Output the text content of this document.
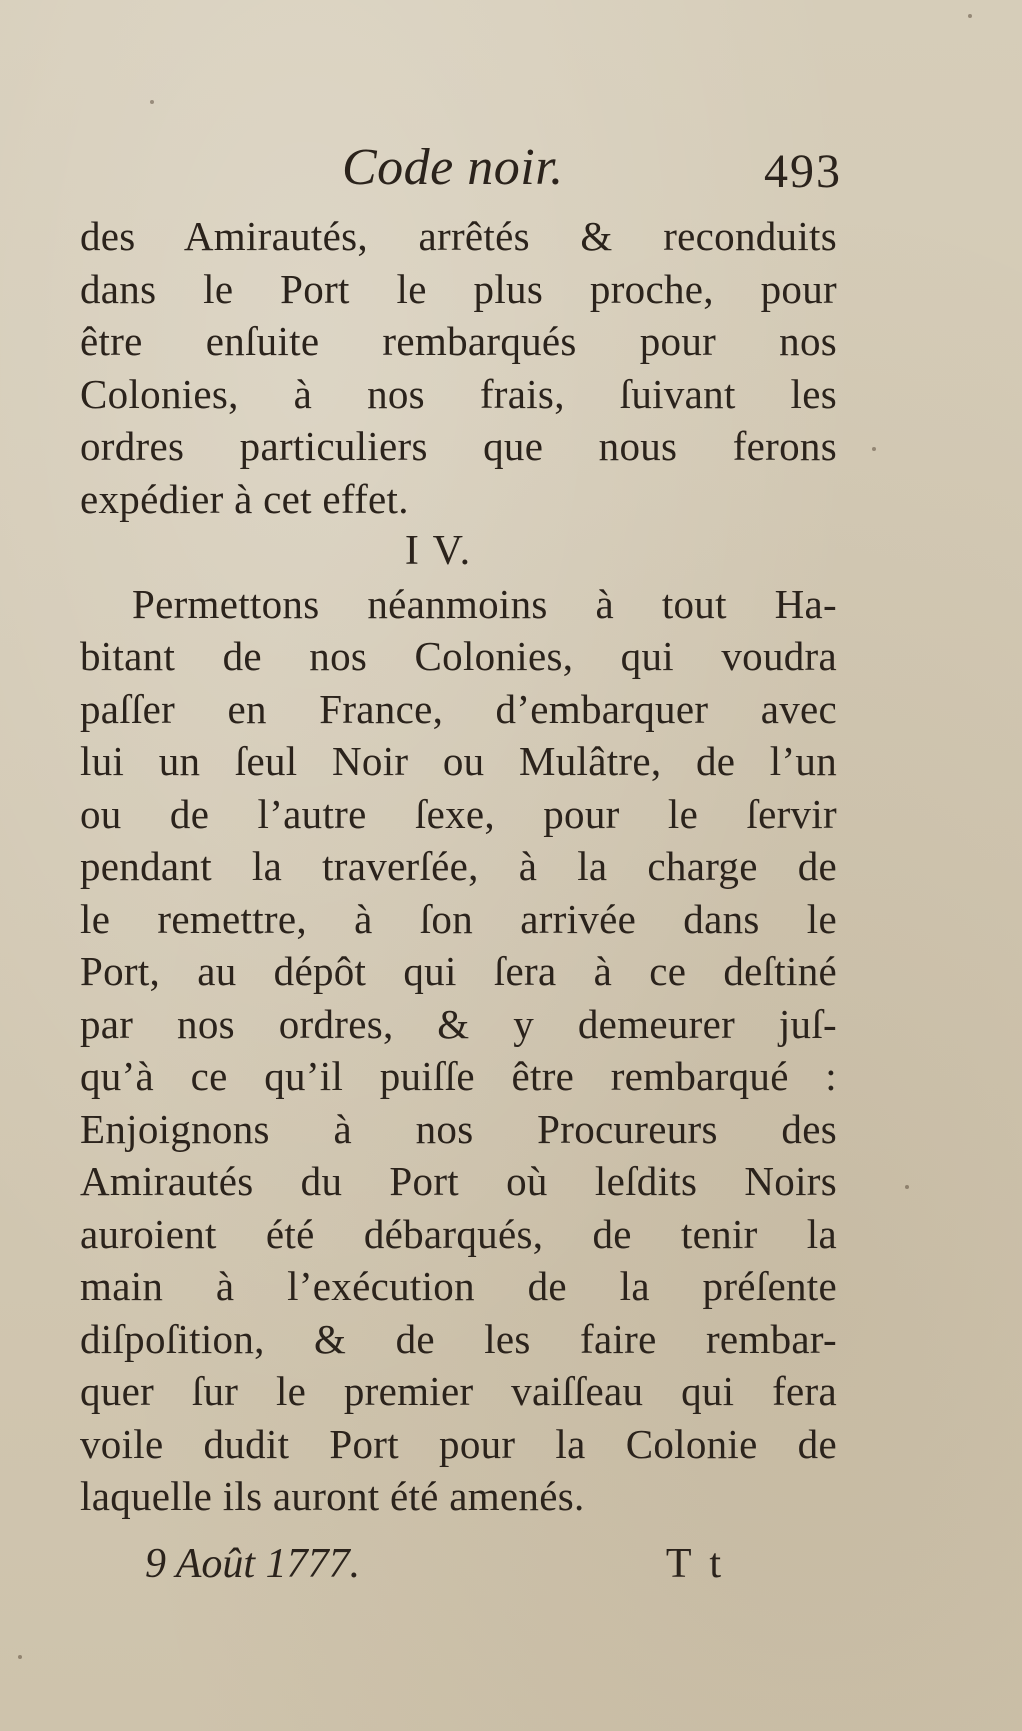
Code noir.	493
des Amirautés, arrêtés & reconduits
dans le Port le plus proche, pour
être enſuite rembarqués pour nos
Colonies, à nos frais, ſuivant les
ordres particuliers que nous ferons
expédier à cet effet.
I V.
Permettons néanmoins à tout Ha-
bitant de nos Colonies, qui voudra
paſſer en France, d’embarquer avec
lui un ſeul Noir ou Mulâtre, de l’un
ou de l’autre ſexe, pour le ſervir
pendant la traverſée, à la charge de
le remettre, à ſon arrivée dans le
Port, au dépôt qui ſera à ce deſtiné
par nos ordres, & y demeurer juſ-
qu’à ce qu’il puiſſe être rembarqué :
Enjoignons à nos Procureurs des
Amirautés du Port où leſdits Noirs
auroient été débarqués, de tenir la
main à l’exécution de la préſente
diſpoſition, & de les faire rembar-
quer ſur le premier vaiſſeau qui fera
voile dudit Port pour la Colonie de
laquelle ils auront été amenés.
9 Août 1777.	T t
